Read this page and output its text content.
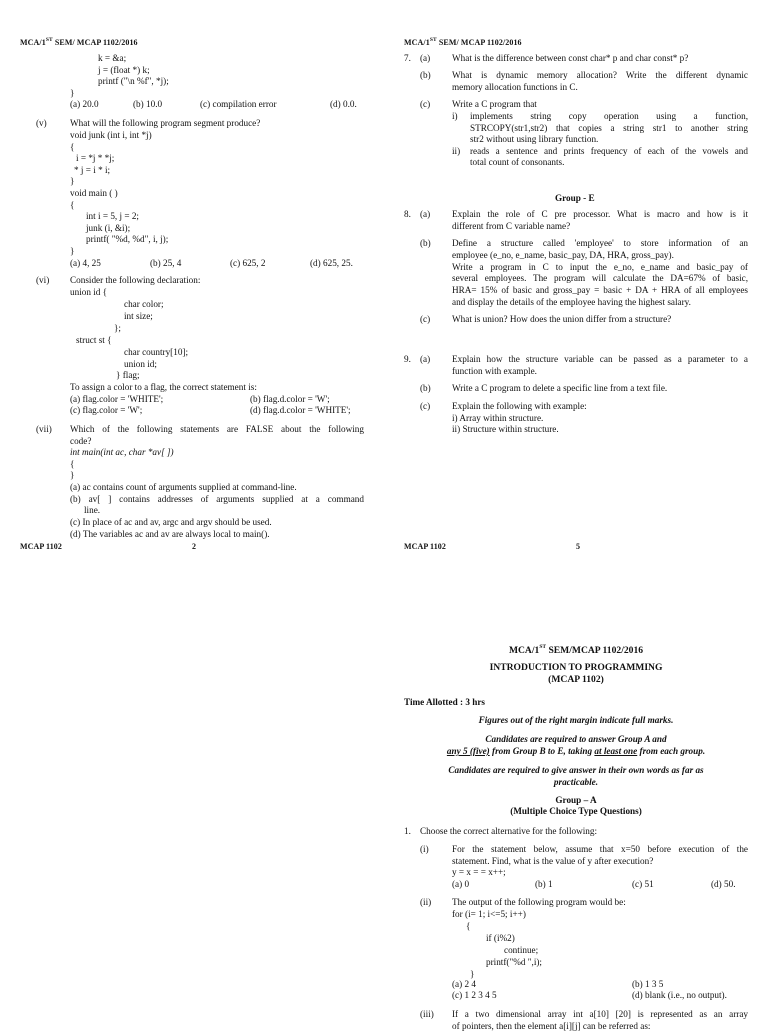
MCA/1ST SEM/ MCAP 1102/2016
k = &a;
j = (float *) k;
printf ("\n %f", *j);
}
(a) 20.0	(b) 10.0	(c) compilation error	(d) 0.0.
(v)	What will the following program segment produce?
void junk (int i, int *j)
{
i = *j * *j;
* j = i * i;
}
void main ( )
{
int i = 5, j = 2;
junk (i, &i);
printf( "%d, %d", i, j);
}
(a) 4, 25	(b) 25, 4	(c) 625, 2	(d) 625, 25.
(vi) Consider the following declaration:
union id {
char color;
int size;
};
struct st {
char country[10];
union id;
} flag;
To assign a color to a flag, the correct statement is:
(a) flag.color = 'WHITE';	(b) flag.d.color = 'W';
(c) flag.color = 'W';	(d) flag.d.color = 'WHITE';
(vii) Which of the following statements are FALSE about the following
code?
int main(int ac, char *av[ ])
{
}
(a) ac contains count of arguments supplied at command-line.
(b) av[ ] contains addresses of arguments supplied at a command
line.
(c) In place of ac and av, argc and argv should be used.
(d) The variables ac and av are always local to main().
MCAP 1102	2
MCA/1ST SEM/ MCAP 1102/2016
7. (a) What is the difference between const char* p and char const* p?
(b) What is dynamic memory allocation? Write the different dynamic
memory allocation functions in C.
(c) Write a C program that
i) implements string copy operation using a function,
STRCOPY(str1,str2) that copies a string str1 to another string
str2 without using library function.
ii) reads a sentence and prints frequency of each of the vowels and
total count of consonants.
Group - E
8. (a) Explain the role of C pre processor. What is macro and how is it
different from C variable name?
(b) Define a structure called 'employee' to store information of an
employee (e_no, e_name, basic_pay, DA, HRA, gross_pay).
Write a program in C to input the e_no, e_name and basic_pay of
several employees. The program will calculate the DA=67% of basic,
HRA= 15% of basic and gross_pay = basic + DA + HRA of all employees
and display the details of the employee having the highest salary.
(c) What is union? How does the union differ from a structure?
9. (a) Explain how the structure variable can be passed as a parameter to a
function with example.
(b) Write a C program to delete a specific line from a text file.
(c) Explain the following with example:
i) Array within structure.
ii) Structure within structure.
MCAP 1102	5
MCA/1ST SEM/MCAP 1102/2016
INTRODUCTION TO PROGRAMMING
(MCAP 1102)
Time Allotted : 3 hrs
Figures out of the right margin indicate full marks.
Candidates are required to answer Group A and
any 5 (five) from Group B to E, taking at least one from each group.
Candidates are required to give answer in their own words as far as
practicable.
Group – A
(Multiple Choice Type Questions)
1. Choose the correct alternative for the following:
(i)	For the statement below, assume that x=50 before execution of the
statement. Find, what is the value of y after execution?
y = x = = x++;
(a) 0	(b) 1	(c) 51	(d) 50.
(ii) The output of the following program would be:
for (i= 1; i<=5; i++)
{
if (i%2)
continue;
printf("%d ",i);
}
(a) 2 4	(b) 1 3 5
(c) 1 2 3 4 5	(d) blank (i.e., no output).
(iii) If a two dimensional array int a[10] [20] is represented as an array
of pointers, then the element a[i][j] can be referred as:
